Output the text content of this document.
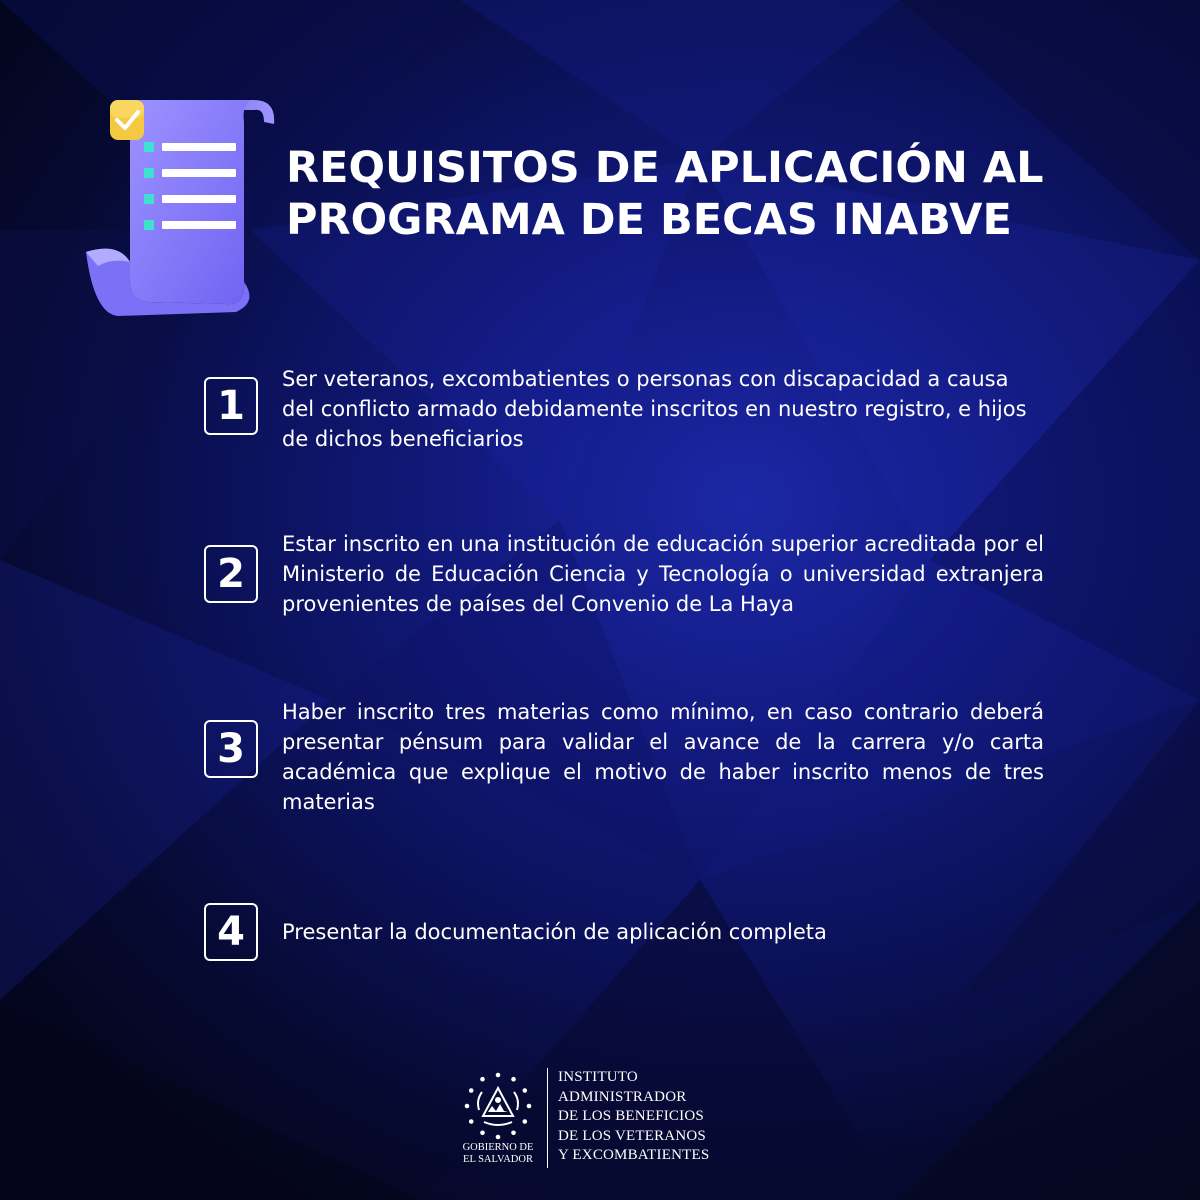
REQUISITOS DE APLICACIÓN AL
PROGRAMA DE BECAS INABVE
1

Ser veteranos, excombatientes o personas con discapacidad a causa del conflicto armado debidamente inscritos en nuestro registro, e hijos de dichos beneficiarios

2

Estar inscrito en una institución de educación superior acreditada por el Ministerio de Educación Ciencia y Tecnología o universidad extranjera provenientes de países del Convenio de La Haya

3

Haber inscrito tres materias como mínimo, en caso contrario deberá presentar pénsum para validar el avance de la carrera y/o carta académica que explique el motivo de haber inscrito menos de tres materias

4	Presentar la documentación de aplicación completa

GOBIERNO DE
EL SALVADOR
INSTITUTO
ADMINISTRADOR
DE LOS BENEFICIOS
DE LOS VETERANOS
Y EXCOMBATIENTES
